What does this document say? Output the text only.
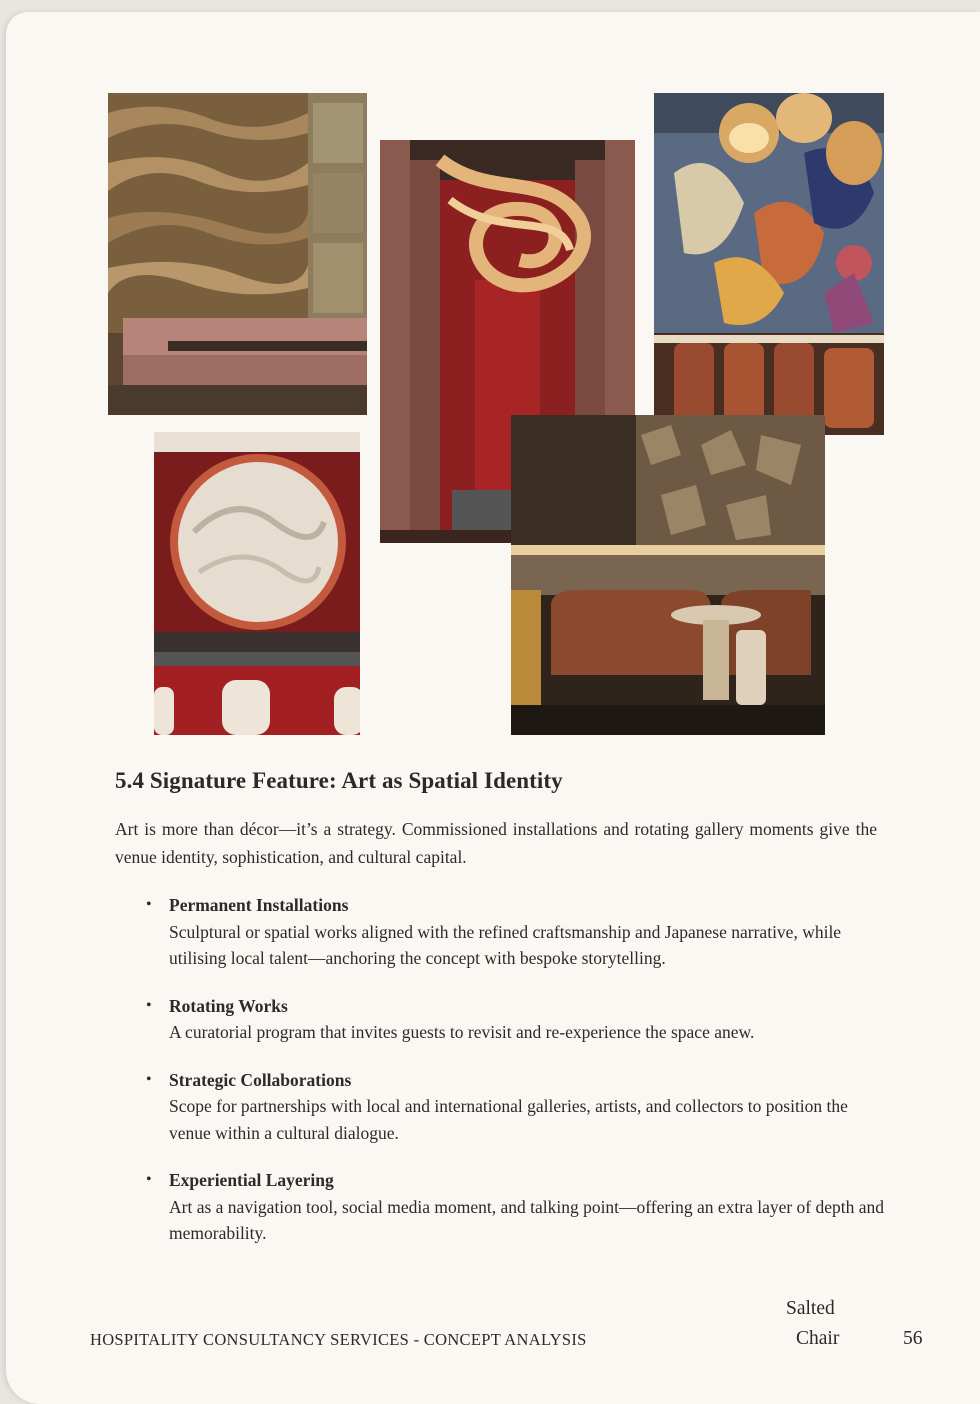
5.4 Signature Feature: Art as Spatial Identity

Art is more than décor—it’s a strategy. Commissioned installations and rotating gallery moments give the venue identity, sophistication, and cultural capital.

• Permanent Installations
Sculptural or spatial works aligned with the refined craftsmanship and Japanese narrative, while utilising local talent—anchoring the concept with bespoke storytelling.
• Rotating Works
A curatorial program that invites guests to revisit and re-experience the space anew.
• Strategic Collaborations
Scope for partnerships with local and international galleries, artists, and collectors to position the venue within a cultural dialogue.
• Experiential Layering
Art as a navigation tool, social media moment, and talking point—offering an extra layer of depth and memorability.
HOSPITALITY CONSULTANCY SERVICES - CONCEPT ANALYSIS
Salted
Chair	56
